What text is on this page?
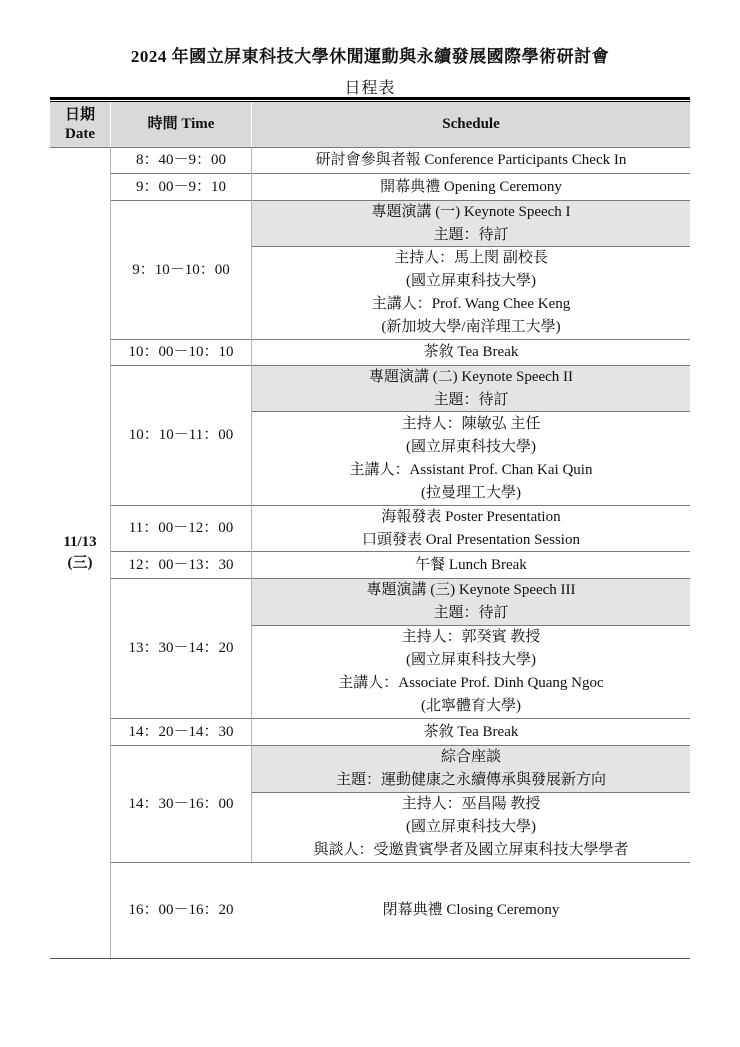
2024 年國立屏東科技大學休閒運動與永續發展國際學術研討會
日程表
日期
Date
時間 Time	Schedule
11/13
(三)
8：40－9：00	研討會參與者報 Conference Participants Check In
9：00－9：10	開幕典禮 Opening Ceremony
9：10－10：00
專題演講 (一) Keynote Speech I
主題：待訂
主持人：馬上閔 副校長
(國立屏東科技大學)
主講人：Prof. Wang Chee Keng
(新加坡大學/南洋理工大學)
10：00－10：10	茶敘 Tea Break
10：10－11：00
專題演講 (二) Keynote Speech II
主題：待訂
主持人：陳敏弘 主任
(國立屏東科技大學)
主講人：Assistant Prof. Chan Kai Quin
(拉曼理工大學)
11：00－12：00
海報發表 Poster Presentation
口頭發表 Oral Presentation Session
12：00－13：30	午餐 Lunch Break
13：30－14：20
專題演講 (三) Keynote Speech III
主題：待訂
主持人：郭癸賓 教授
(國立屏東科技大學)
主講人：Associate Prof. Dinh Quang Ngoc
(北寧體育大學)
14：20－14：30	茶敘 Tea Break
14：30－16：00
綜合座談
主題：運動健康之永續傳承與發展新方向
主持人：巫昌陽 教授
(國立屏東科技大學)
與談人：受邀貴賓學者及國立屏東科技大學學者
16：00－16：20	閉幕典禮 Closing Ceremony
